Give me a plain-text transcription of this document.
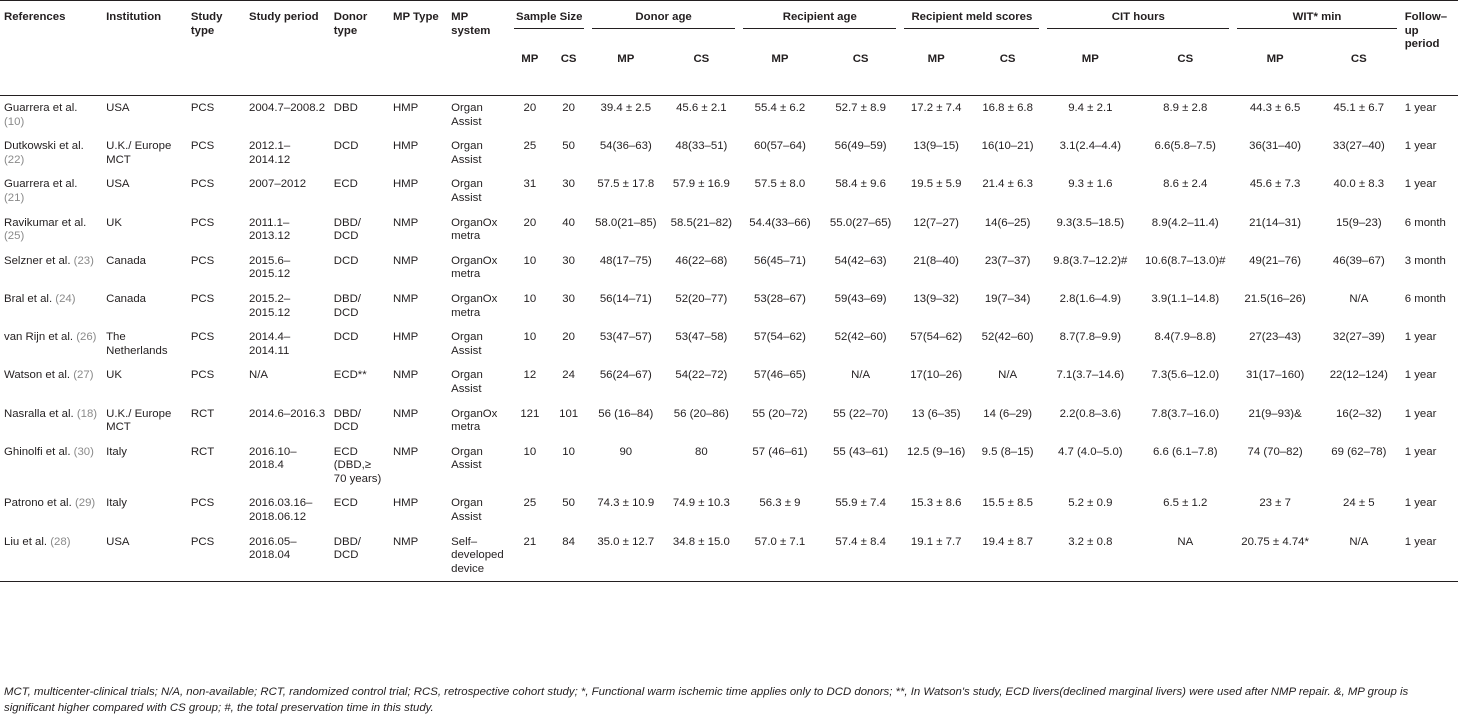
References	Institution	Study type	Study period	Donor type	MP Type	MP system	Sample Size		Donor age		Recipient age		Recipient meld scores		CIT hours		WIT* min		Follow–up period
							MP	CS	MP	CS	MP	CS	MP	CS	MP	CS	MP	CS	
Guarrera et al. (10)	USA	PCS	2004.7–2008.2	DBD	HMP	Organ Assist	20	20	39.4 ± 2.5	45.6 ± 2.1	55.4 ± 6.2	52.7 ± 8.9	17.2 ± 7.4	16.8 ± 6.8	9.4 ± 2.1	8.9 ± 2.8	44.3 ± 6.5	45.1 ± 6.7	1 year
Dutkowski et al. (22)	U.K./ Europe MCT	PCS	2012.1–2014.12	DCD	HMP	Organ Assist	25	50	54(36–63)	48(33–51)	60(57–64)	56(49–59)	13(9–15)	16(10–21)	3.1(2.4–4.4)	6.6(5.8–7.5)	36(31–40)	33(27–40)	1 year
Guarrera et al. (21)	USA	PCS	2007–2012	ECD	HMP	Organ Assist	31	30	57.5 ± 17.8	57.9 ± 16.9	57.5 ± 8.0	58.4 ± 9.6	19.5 ± 5.9	21.4 ± 6.3	9.3 ± 1.6	8.6 ± 2.4	45.6 ± 7.3	40.0 ± 8.3	1 year
Ravikumar et al. (25)	UK	PCS	2011.1–2013.12	DBD/ DCD	NMP	OrganOx metra	20	40	58.0(21–85)	58.5(21–82)	54.4(33–66)	55.0(27–65)	12(7–27)	14(6–25)	9.3(3.5–18.5)	8.9(4.2–11.4)	21(14–31)	15(9–23)	6 month
Selzner et al. (23)	Canada	PCS	2015.6–2015.12	DCD	NMP	OrganOx metra	10	30	48(17–75)	46(22–68)	56(45–71)	54(42–63)	21(8–40)	23(7–37)	9.8(3.7–12.2)#	10.6(8.7–13.0)#	49(21–76)	46(39–67)	3 month
Bral et al. (24)	Canada	PCS	2015.2–2015.12	DBD/ DCD	NMP	OrganOx metra	10	30	56(14–71)	52(20–77)	53(28–67)	59(43–69)	13(9–32)	19(7–34)	2.8(1.6–4.9)	3.9(1.1–14.8)	21.5(16–26)	N/A	6 month
van Rijn et al. (26)	The Netherlands	PCS	2014.4–2014.11	DCD	HMP	Organ Assist	10	20	53(47–57)	53(47–58)	57(54–62)	52(42–60)	57(54–62)	52(42–60)	8.7(7.8–9.9)	8.4(7.9–8.8)	27(23–43)	32(27–39)	1 year
Watson et al. (27)	UK	PCS	N/A	ECD**	NMP	Organ Assist	12	24	56(24–67)	54(22–72)	57(46–65)	N/A	17(10–26)	N/A	7.1(3.7–14.6)	7.3(5.6–12.0)	31(17–160)	22(12–124)	1 year
Nasralla et al. (18)	U.K./ Europe MCT	RCT	2014.6–2016.3	DBD/ DCD	NMP	OrganOx metra	121	101	56 (16–84)	56 (20–86)	55 (20–72)	55 (22–70)	13 (6–35)	14 (6–29)	2.2(0.8–3.6)	7.8(3.7–16.0)	21(9–93)&	16(2–32)	1 year
Ghinolfi et al. (30)	Italy	RCT	2016.10–2018.4	ECD (DBD,≥ 70 years)	NMP	Organ Assist	10	10	90	80	57 (46–61)	55 (43–61)	12.5 (9–16)	9.5 (8–15)	4.7 (4.0–5.0)	6.6 (6.1–7.8)	74 (70–82)	69 (62–78)	1 year
Patrono et al. (29)	Italy	PCS	2016.03.16–2018.06.12	ECD	HMP	Organ Assist	25	50	74.3 ± 10.9	74.9 ± 10.3	56.3 ± 9	55.9 ± 7.4	15.3 ± 8.6	15.5 ± 8.5	5.2 ± 0.9	6.5 ± 1.2	23 ± 7	24 ± 5	1 year
Liu et al. (28)	USA	PCS	2016.05–2018.04	DBD/ DCD	NMP	Self– developed device	21	84	35.0 ± 12.7	34.8 ± 15.0	57.0 ± 7.1	57.4 ± 8.4	19.1 ± 7.7	19.4 ± 8.7	3.2 ± 0.8	NA	20.75 ± 4.74*	N/A	1 year
MCT, multicenter-clinical trials; N/A, non-available; RCT, randomized control trial; RCS, retrospective cohort study; *, Functional warm ischemic time applies only to DCD donors; **, In Watson's study, ECD livers(declined marginal livers) were used after NMP repair. &, MP group is significant higher compared with CS group; #, the total preservation time in this study.
